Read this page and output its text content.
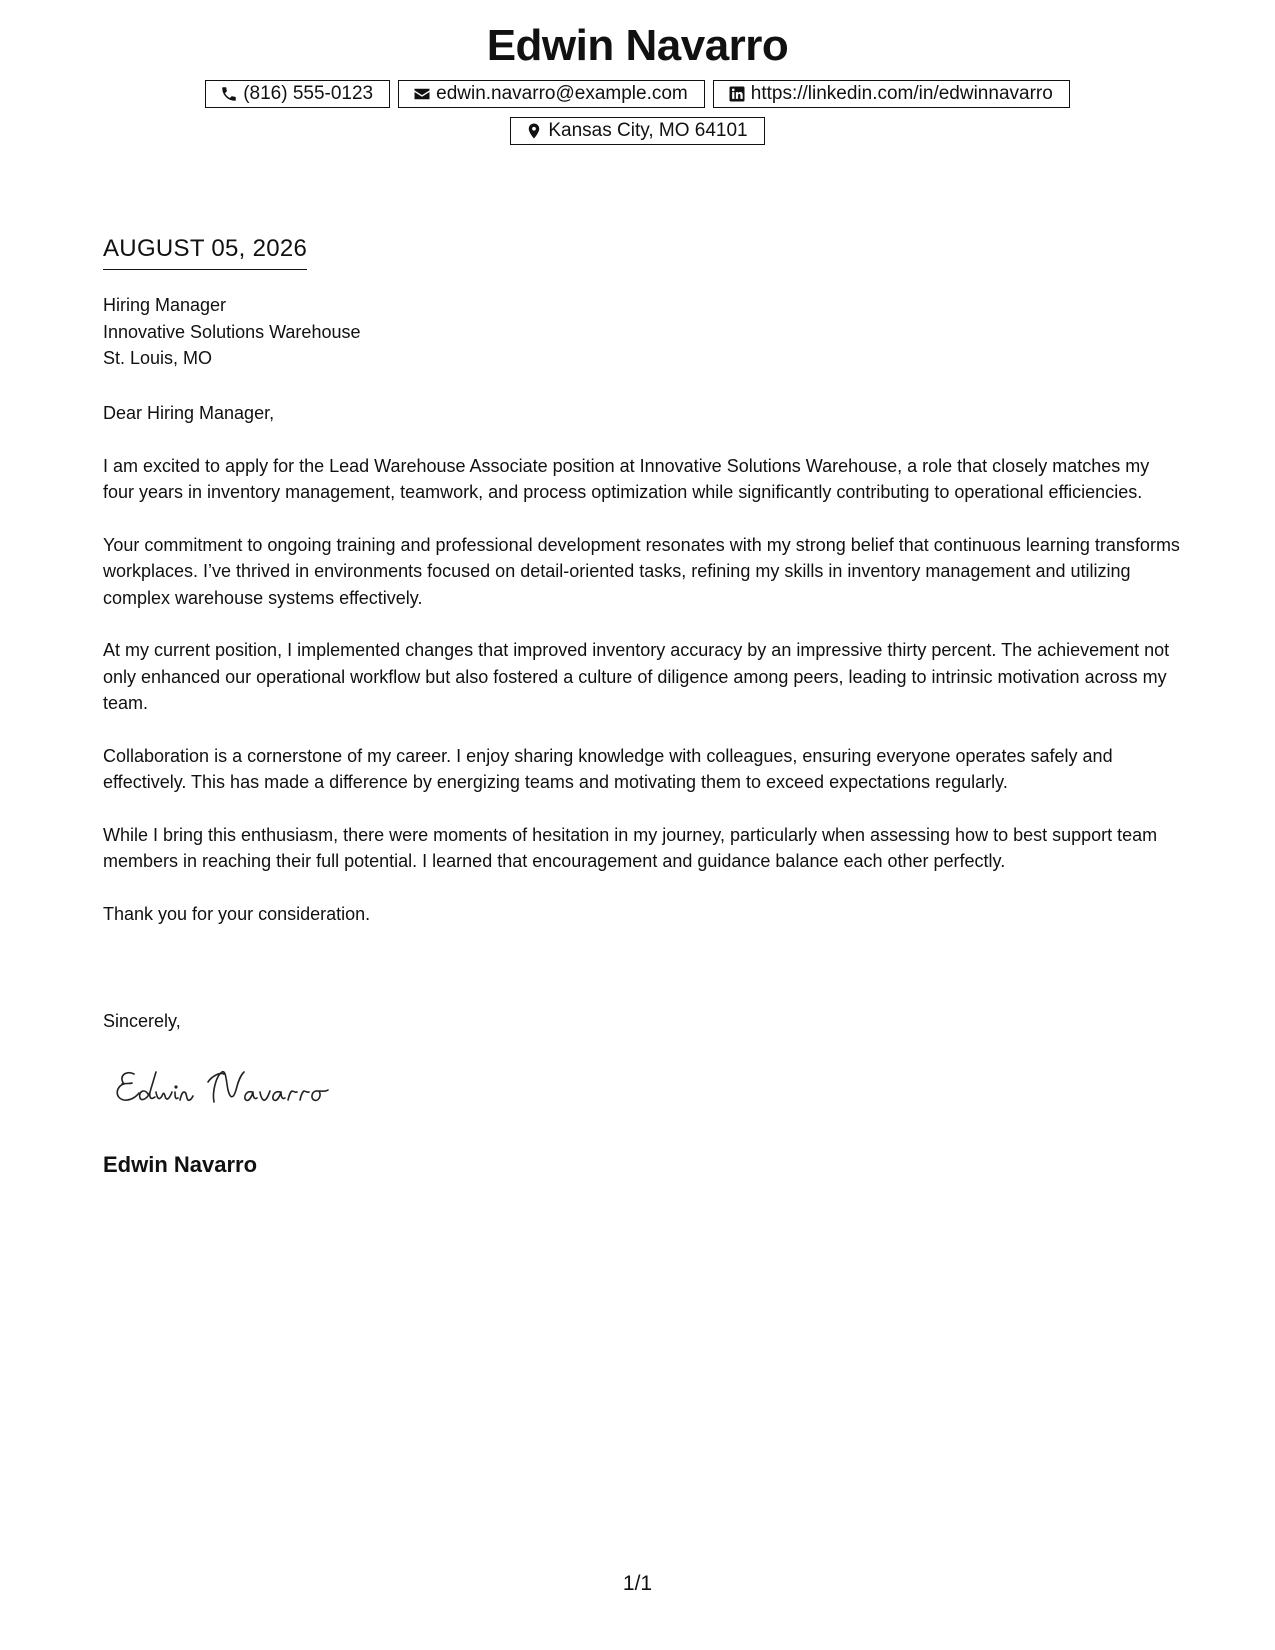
Edwin Navarro
(816) 555-0123	edwin.navarro@example.com	https://linkedin.com/in/edwinnavarro
Kansas City, MO 64101
AUGUST 05, 2026
Hiring Manager
Innovative Solutions Warehouse
St. Louis, MO

Dear Hiring Manager,

I am excited to apply for the Lead Warehouse Associate position at Innovative Solutions Warehouse, a role that closely matches my four years in inventory management, teamwork, and process optimization while significantly contributing to operational efficiencies.

Your commitment to ongoing training and professional development resonates with my strong belief that continuous learning transforms workplaces. I’ve thrived in environments focused on detail-oriented tasks, refining my skills in inventory management and utilizing complex warehouse systems effectively.

At my current position, I implemented changes that improved inventory accuracy by an impressive thirty percent. The achievement not only enhanced our operational workflow but also fostered a culture of diligence among peers, leading to intrinsic motivation across my team.

Collaboration is a cornerstone of my career. I enjoy sharing knowledge with colleagues, ensuring everyone operates safely and effectively. This has made a difference by energizing teams and motivating them to exceed expectations regularly.

While I bring this enthusiasm, there were moments of hesitation in my journey, particularly when assessing how to best support team members in reaching their full potential. I learned that encouragement and guidance balance each other perfectly.

Thank you for your consideration.

Sincerely,
Edwin Navarro
1/1
